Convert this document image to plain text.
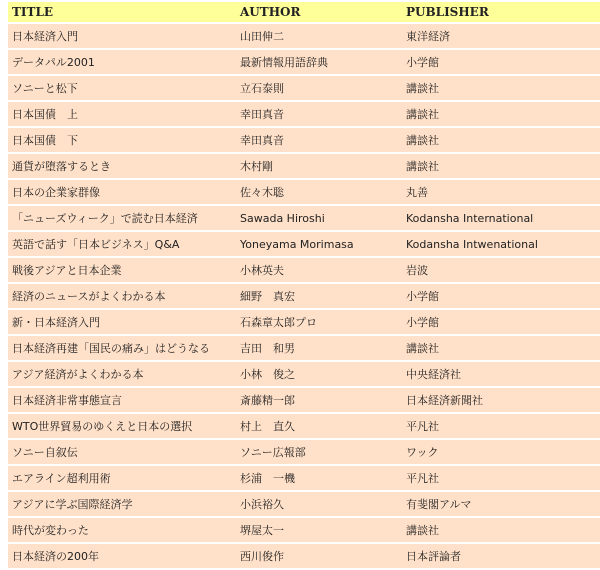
TITLE	AUTHOR	PUBLISHER
日本経済入門	山田伸二	東洋経済
データパル2001	最新情報用語辞典	小学館
ソニーと松下	立石泰則	講談社
日本国債　上	幸田真音	講談社
日本国債　下	幸田真音	講談社
通貨が堕落するとき	木村剛	講談社
日本の企業家群像	佐々木聡	丸善
「ニューズウィーク」で読む日本経済	Sawada Hiroshi	Kodansha International
英語で話す「日本ビジネス」Q&A	Yoneyama Morimasa	Kodansha Intwenational
戦後アジアと日本企業	小林英夫	岩波
経済のニュースがよくわかる本	細野　真宏	小学館
新・日本経済入門	石森章太郎プロ	小学館
日本経済再建「国民の痛み」はどうなる	吉田　和男	講談社
アジア経済がよくわかる本	小林　俊之	中央経済社
日本経済非常事態宣言	斎藤精一郎	日本経済新聞社
WTO世界貿易のゆくえと日本の選択	村上　直久	平凡社
ソニー自叙伝	ソニー広報部	ワック
エアライン超利用術	杉浦　一機	平凡社
アジアに学ぶ国際経済学	小浜裕久	有斐閣アルマ
時代が変わった	堺屋太一	講談社
日本経済の200年	西川俊作	日本評論者
